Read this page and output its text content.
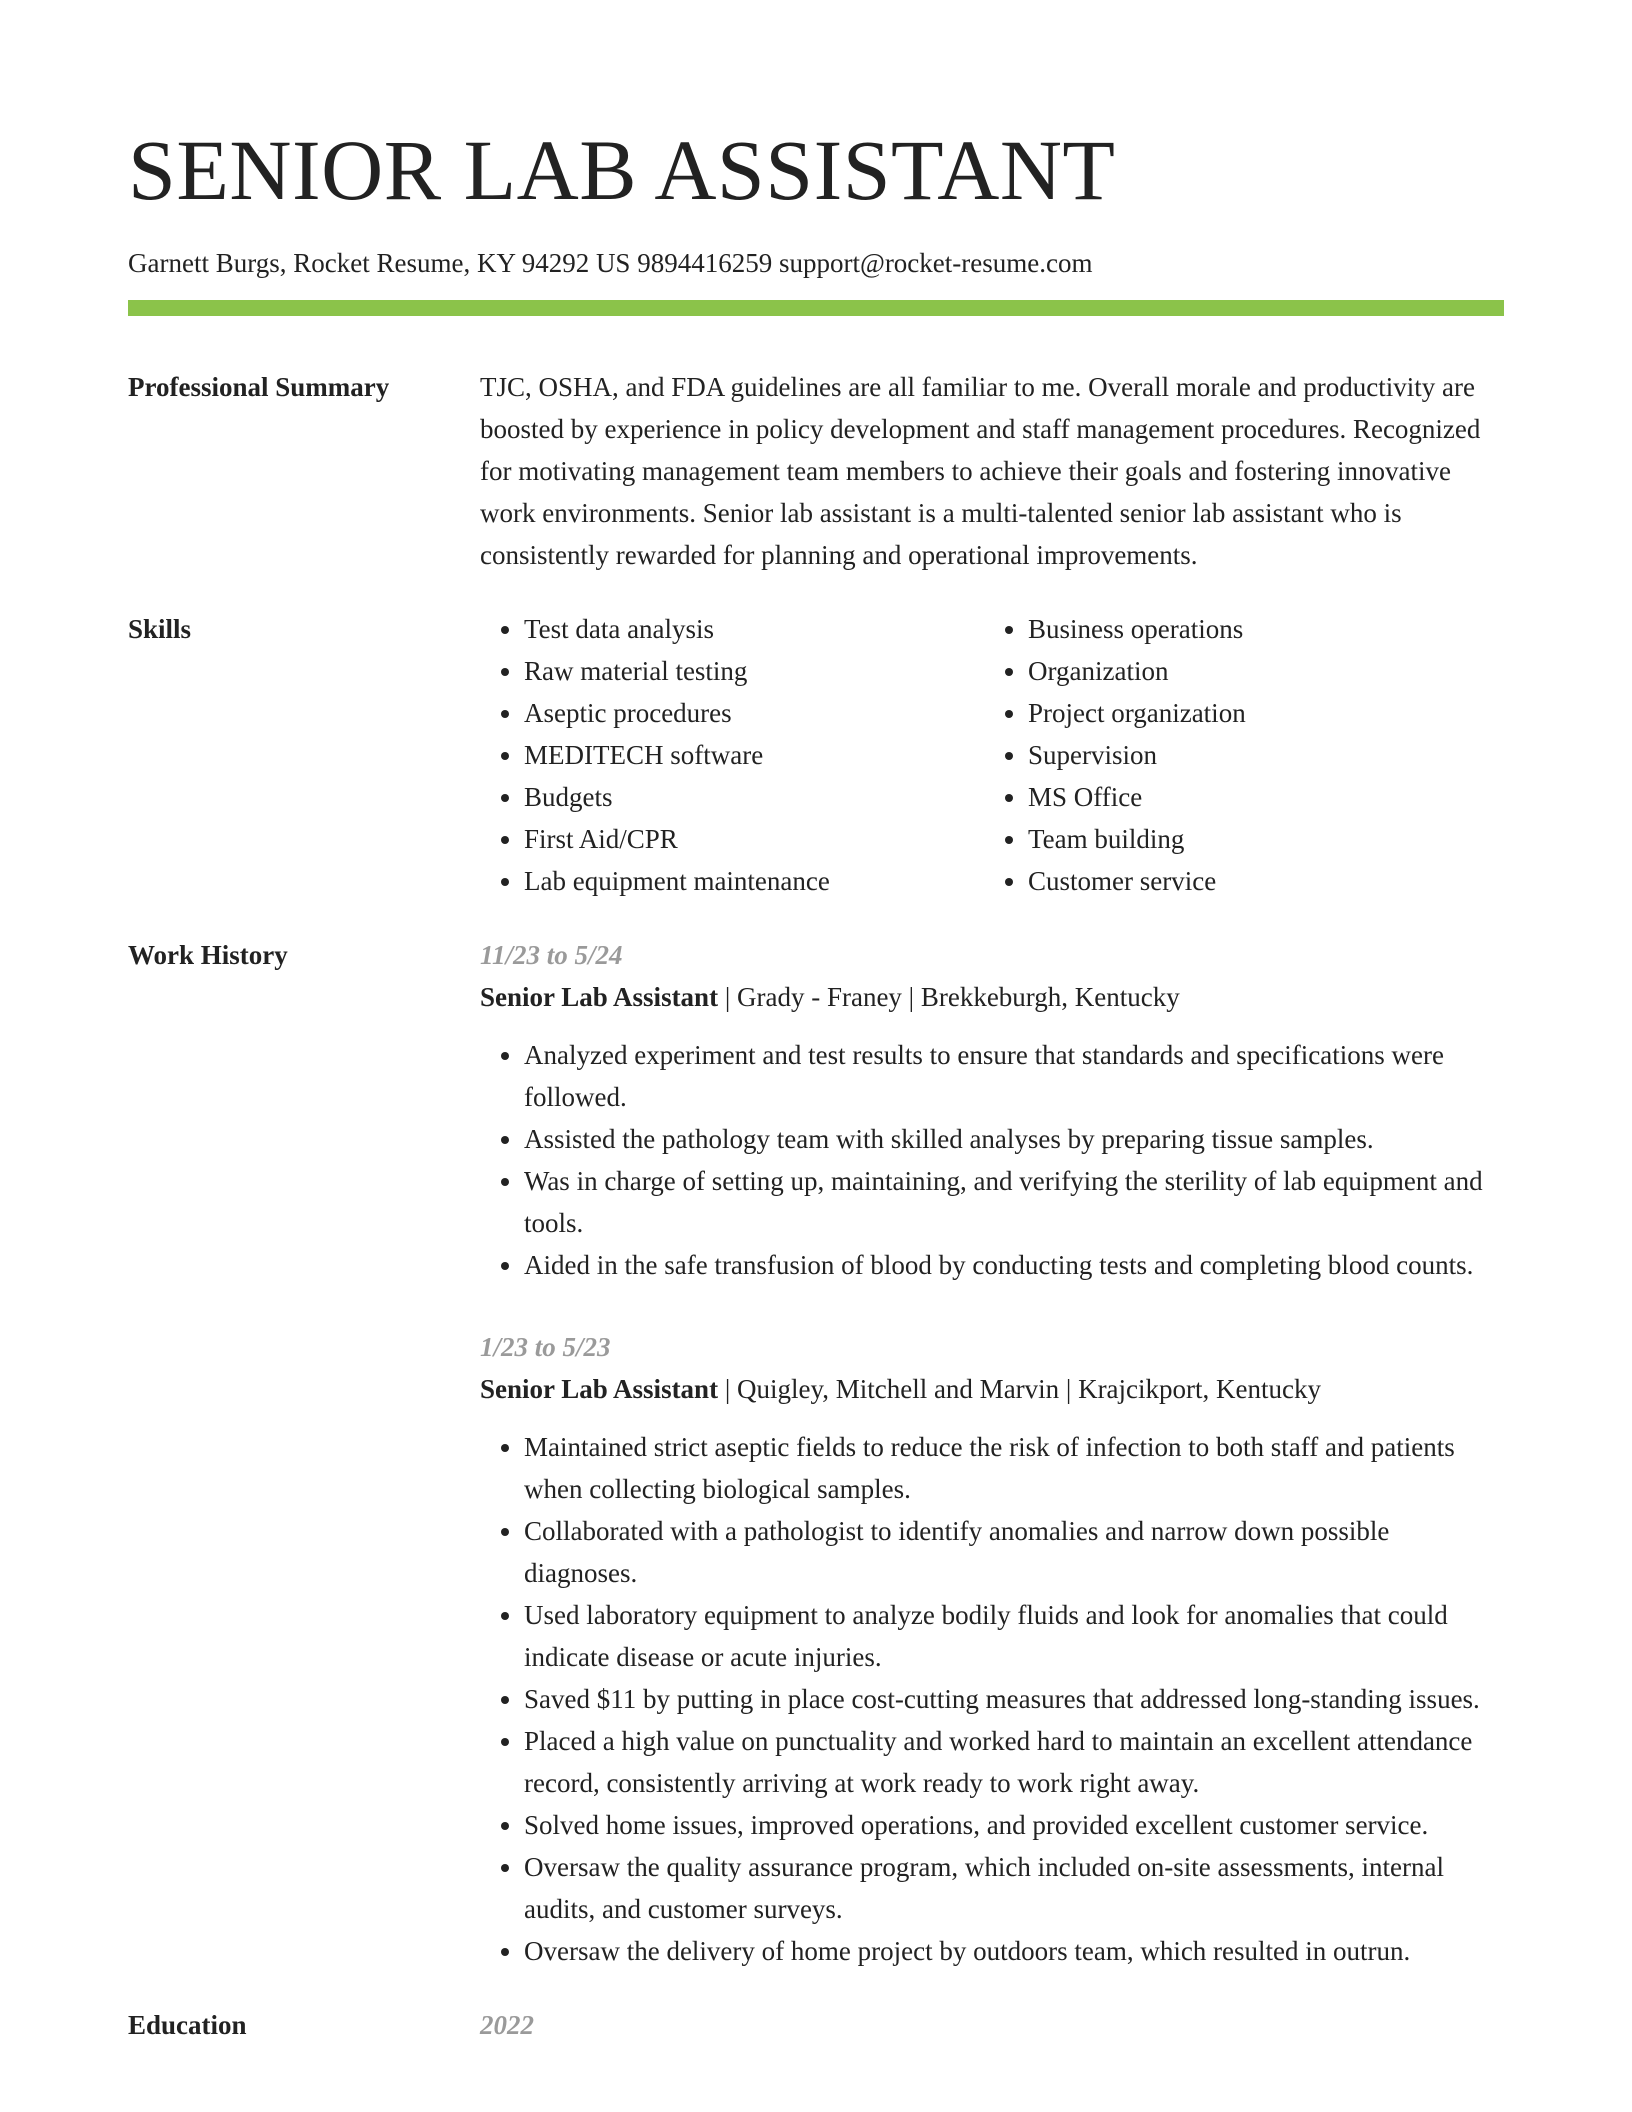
SENIOR LAB ASSISTANT
Garnett Burgs, Rocket Resume, KY 94292 US 9894416259 support@rocket-resume.com
Professional Summary	TJC, OSHA, and FDA guidelines are all familiar to me. Overall morale and productivity are boosted by experience in policy development and staff management procedures. Recognized for motivating management team members to achieve their goals and fostering innovative work environments. Senior lab assistant is a multi-talented senior lab assistant who is consistently rewarded for planning and operational improvements.

Skills
•	Test data analysis
• Raw material testing
• Aseptic procedures
• MEDITECH software
• Budgets
• First Aid/CPR
• Lab equipment maintenance
• Business operations
• Organization
• Project organization
• Supervision
• MS Office
• Team building
• Customer service
Work History	11/23 to 5/24
Senior Lab Assistant | Grady - Franey | Brekkeburgh, Kentucky
• Analyzed experiment and test results to ensure that standards and specifications were followed.
• Assisted the pathology team with skilled analyses by preparing tissue samples.
• Was in charge of setting up, maintaining, and verifying the sterility of lab equipment and tools.
• Aided in the safe transfusion of blood by conducting tests and completing blood counts.
1/23 to 5/23
Senior Lab Assistant | Quigley, Mitchell and Marvin | Krajcikport, Kentucky
• Maintained strict aseptic fields to reduce the risk of infection to both staff and patients when collecting biological samples.
• Collaborated with a pathologist to identify anomalies and narrow down possible diagnoses.
• Used laboratory equipment to analyze bodily fluids and look for anomalies that could indicate disease or acute injuries.
• Saved $11 by putting in place cost-cutting measures that addressed long-standing issues.
• Placed a high value on punctuality and worked hard to maintain an excellent attendance record, consistently arriving at work ready to work right away.
• Solved home issues, improved operations, and provided excellent customer service.
• Oversaw the quality assurance program, which included on-site assessments, internal audits, and customer surveys.
• Oversaw the delivery of home project by outdoors team, which resulted in outrun.
Education	2022
